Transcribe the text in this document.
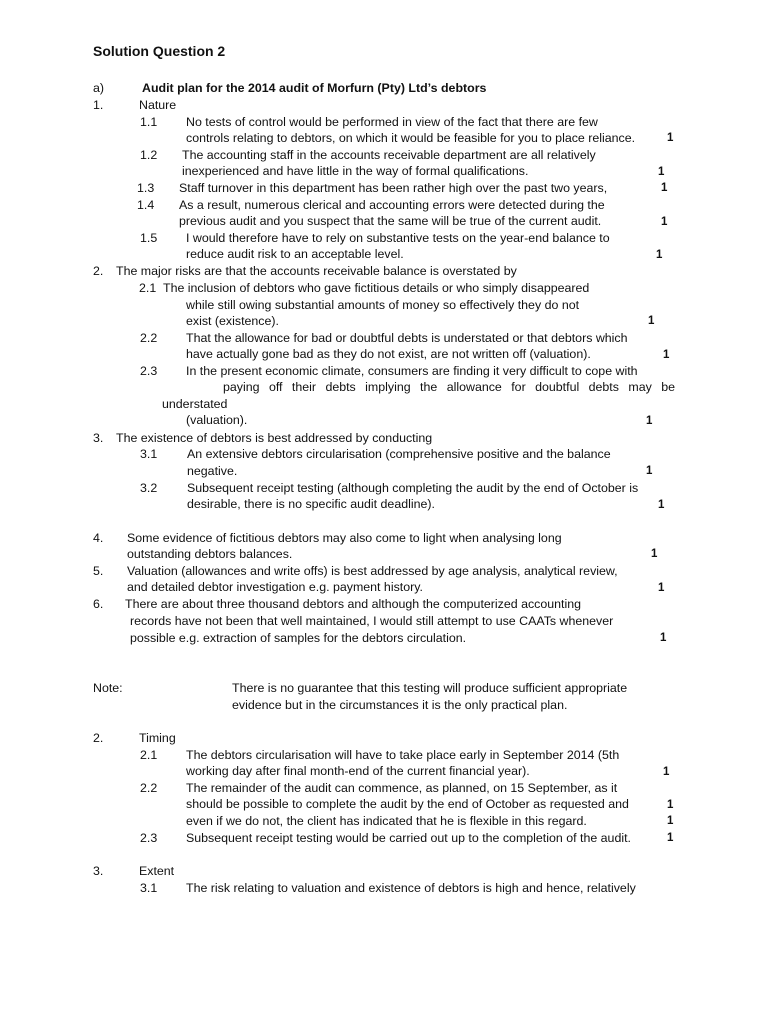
Solution Question 2
a)	Audit plan for the 2014 audit of Morfurn (Pty) Ltd’s debtors
1.	Nature
1.1 No tests of control would be performed in view of the fact that there are few
controls relating to debtors, on which it would be feasible for you to place reliance.	1
1.2 The accounting staff in the accounts receivable department are all relatively
inexperienced and have little in the way of formal qualifications.	1
1.3 Staff turnover in this department has been rather high over the past two years,	1
1.4 As a result, numerous clerical and accounting errors were detected during the
previous audit and you suspect that the same will be true of the current audit.	1
1.5 I would therefore have to rely on substantive tests on the year-end balance to
reduce audit risk to an acceptable level.	1
2. The major risks are that the accounts receivable balance is overstated by
2.1 The inclusion of debtors who gave fictitious details or who simply disappeared
while still owing substantial amounts of money so effectively they do not
exist (existence).	1
2.2 That the allowance for bad or doubtful debts is understated or that debtors which
have actually gone bad as they do not exist, are not written off (valuation).	1
2.3 In the present economic climate, consumers are finding it very difficult to cope with
paying off their debts implying the allowance for doubtful debts may be
understated
(valuation).	1
3. The existence of debtors is best addressed by conducting
3.1 An extensive debtors circularisation (comprehensive positive and the balance
negative.	1
3.2 Subsequent receipt testing (although completing the audit by the end of October is
desirable, there is no specific audit deadline).	1
4. Some evidence of fictitious debtors may also come to light when analysing long
outstanding debtors balances.	1
5. Valuation (allowances and write offs) is best addressed by age analysis, analytical review,
and detailed debtor investigation e.g. payment history.	1
6. There are about three thousand debtors and although the computerized accounting
records have not been that well maintained, I would still attempt to use CAATs whenever
possible e.g. extraction of samples for the debtors circulation.	1
Note:	There is no guarantee that this testing will produce sufficient appropriate
evidence but in the circumstances it is the only practical plan.
2.	Timing
2.1 The debtors circularisation will have to take place early in September 2014 (5th
working day after final month-end of the current financial year).	1
2.2 The remainder of the audit can commence, as planned, on 15 September, as it
should be possible to complete the audit by the end of October as requested and	1
even if we do not, the client has indicated that he is flexible in this regard.	1
2.3 Subsequent receipt testing would be carried out up to the completion of the audit.	1
3.	Extent
3.1 The risk relating to valuation and existence of debtors is high and hence, relatively
